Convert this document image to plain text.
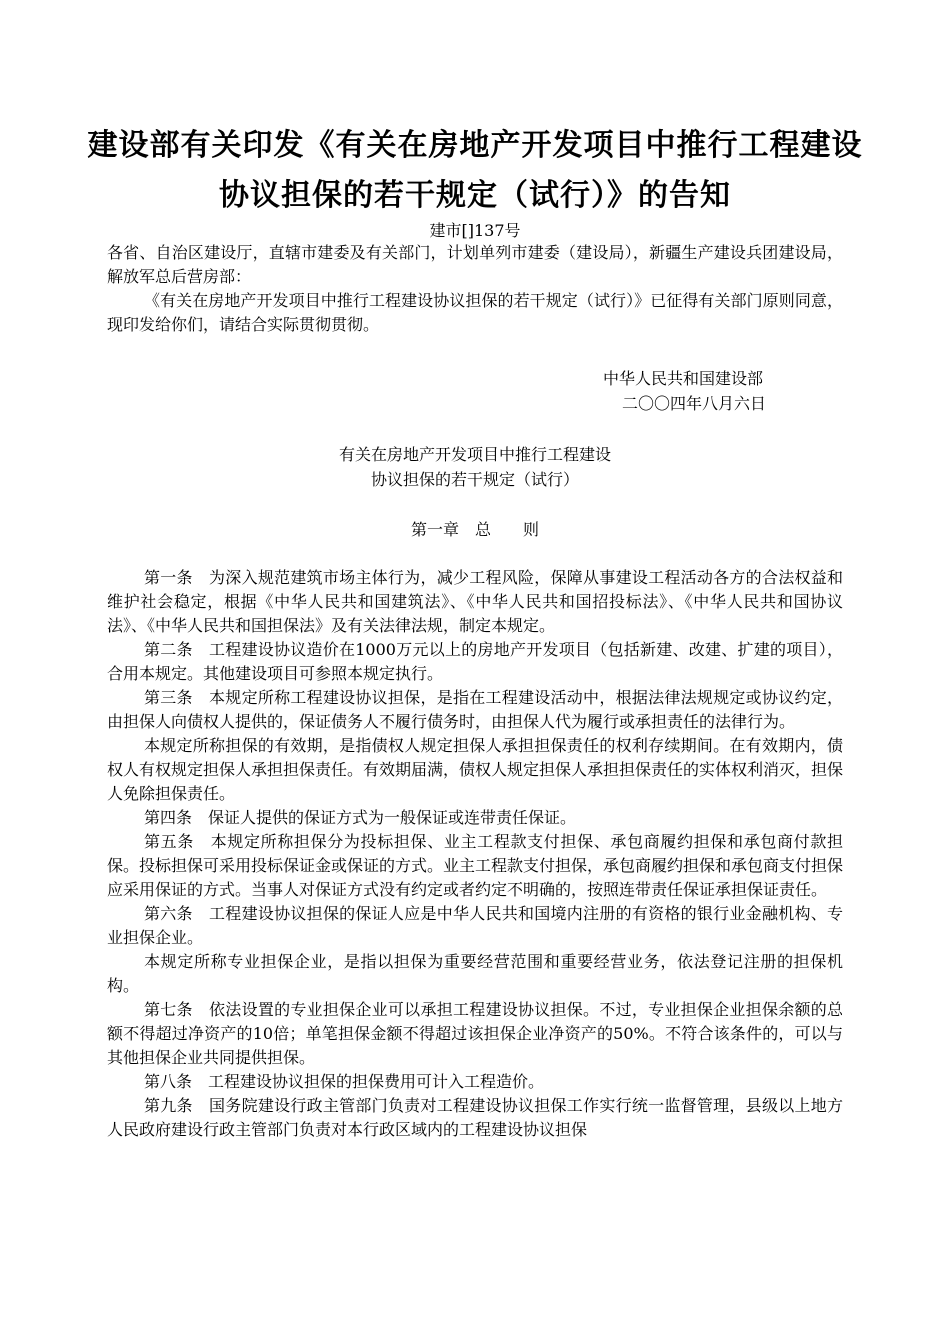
建设部有关印发《有关在房地产开发项目中推行工程建设
协议担保的若干规定（试行）》的告知
建市[]137号

各省、自治区建设厅，直辖市建委及有关部门，计划单列市建委（建设局），新疆生产建设兵团建设局，解放军总后营房部：

《有关在房地产开发项目中推行工程建设协议担保的若干规定（试行）》已征得有关部门原则同意，现印发给你们，请结合实际贯彻贯彻。

中华人民共和国建设部
二〇〇四年八月六日
有关在房地产开发项目中推行工程建设
协议担保的若干规定（试行）
第一章　总　　则

第一条　为深入规范建筑市场主体行为，减少工程风险，保障从事建设工程活动各方的合法权益和维护社会稳定，根据《中华人民共和国建筑法》、《中华人民共和国招投标法》、《中华人民共和国协议法》、《中华人民共和国担保法》及有关法律法规，制定本规定。

第二条　工程建设协议造价在1000万元以上的房地产开发项目（包括新建、改建、扩建的项目），合用本规定。其他建设项目可参照本规定执行。

第三条　本规定所称工程建设协议担保，是指在工程建设活动中，根据法律法规规定或协议约定，由担保人向债权人提供的，保证债务人不履行债务时，由担保人代为履行或承担责任的法律行为。

本规定所称担保的有效期，是指债权人规定担保人承担担保责任的权利存续期间。在有效期内，债权人有权规定担保人承担担保责任。有效期届满，债权人规定担保人承担担保责任的实体权利消灭，担保人免除担保责任。

第四条　保证人提供的保证方式为一般保证或连带责任保证。

第五条　本规定所称担保分为投标担保、业主工程款支付担保、承包商履约担保和承包商付款担保。投标担保可采用投标保证金或保证的方式。业主工程款支付担保，承包商履约担保和承包商支付担保应采用保证的方式。当事人对保证方式没有约定或者约定不明确的，按照连带责任保证承担保证责任。

第六条　工程建设协议担保的保证人应是中华人民共和国境内注册的有资格的银行业金融机构、专业担保企业。

本规定所称专业担保企业，是指以担保为重要经营范围和重要经营业务，依法登记注册的担保机构。

第七条　依法设置的专业担保企业可以承担工程建设协议担保。不过，专业担保企业担保余额的总额不得超过净资产的10倍；单笔担保金额不得超过该担保企业净资产的50%。不符合该条件的，可以与其他担保企业共同提供担保。

第八条　工程建设协议担保的担保费用可计入工程造价。

第九条　国务院建设行政主管部门负责对工程建设协议担保工作实行统一监督管理，县级以上地方人民政府建设行政主管部门负责对本行政区域内的工程建设协议担保
